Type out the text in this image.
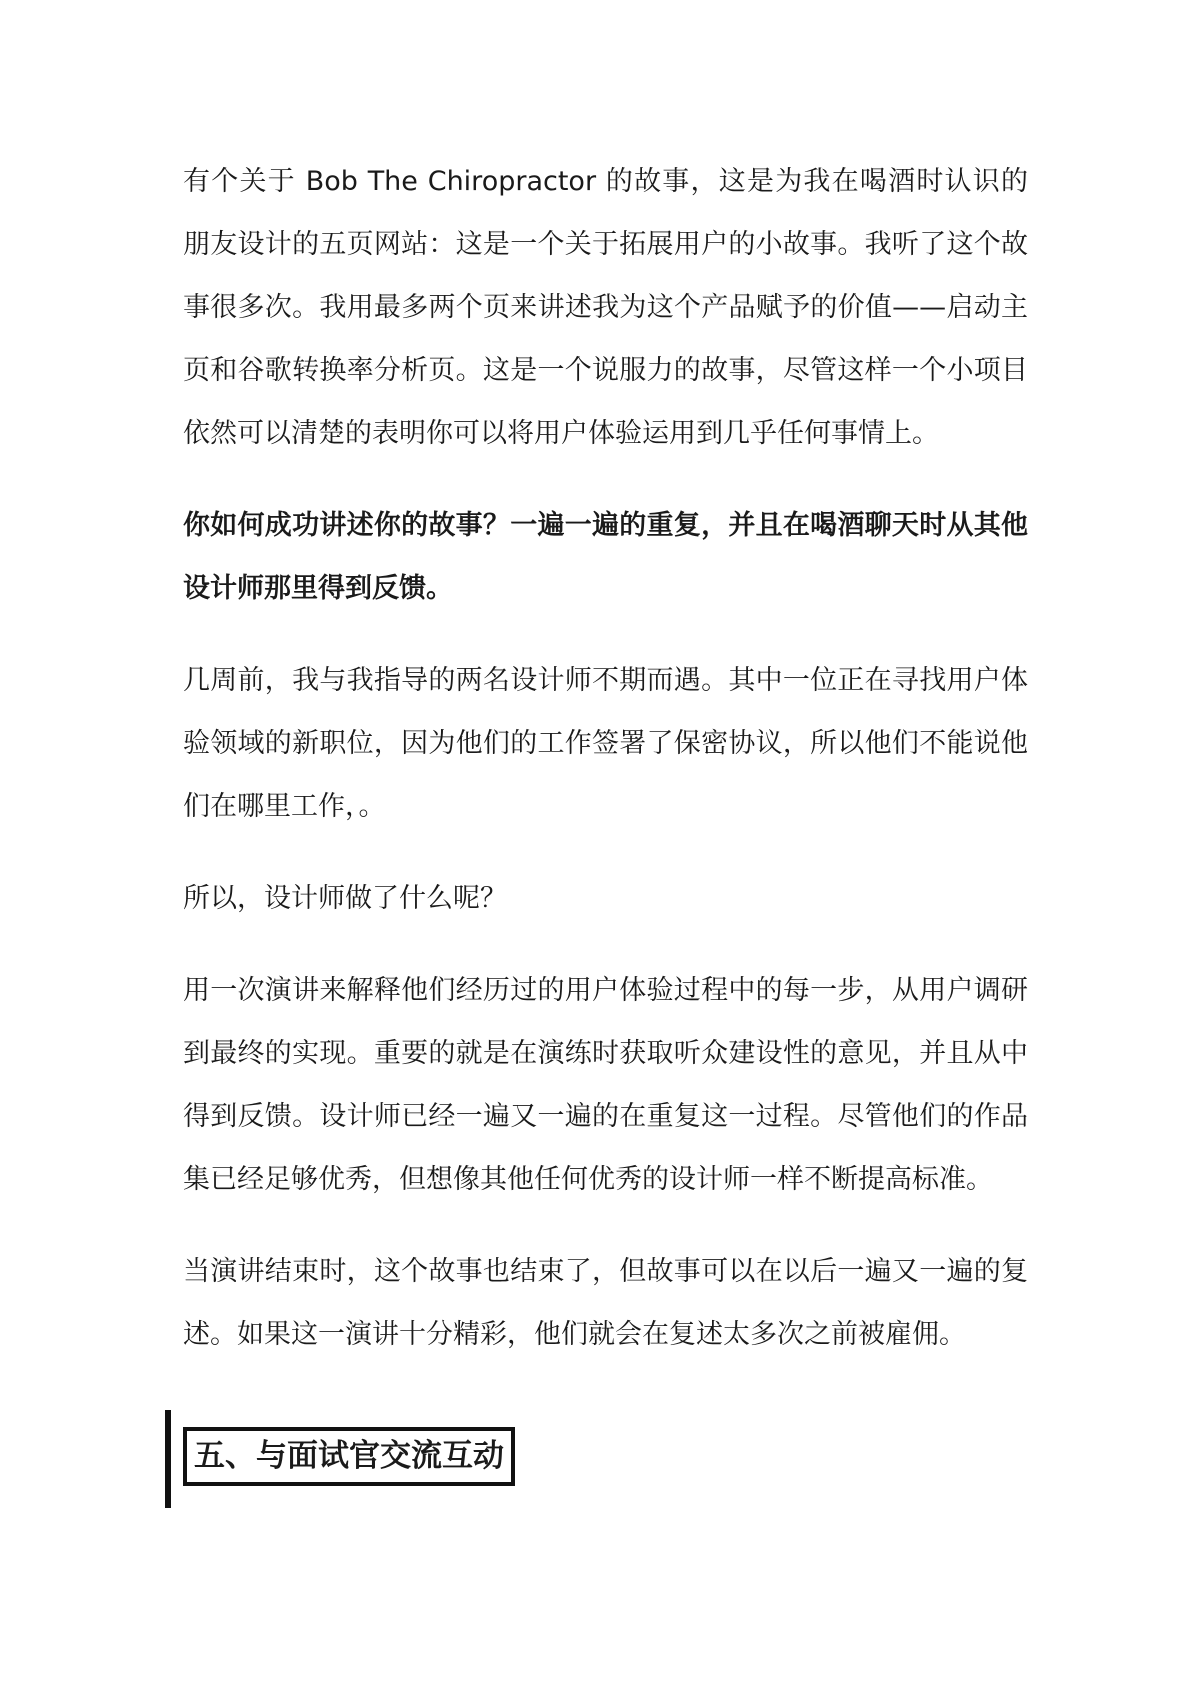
有个关于 Bob The Chiropractor 的故事，这是为我在喝酒时认识的朋友设计的五页网站：这是一个关于拓展用户的小故事。我听了这个故事很多次。我用最多两个页来讲述我为这个产品赋予的价值——启动主页和谷歌转换率分析页。这是一个说服力的故事，尽管这样一个小项目依然可以清楚的表明你可以将用户体验运用到几乎任何事情上。

你如何成功讲述你的故事？一遍一遍的重复，并且在喝酒聊天时从其他设计师那里得到反馈。

几周前，我与我指导的两名设计师不期而遇。其中一位正在寻找用户体验领域的新职位，因为他们的工作签署了保密协议，所以他们不能说他们在哪里工作，。

所以，设计师做了什么呢？

用一次演讲来解释他们经历过的用户体验过程中的每一步，从用户调研到最终的实现。重要的就是在演练时获取听众建设性的意见，并且从中得到反馈。设计师已经一遍又一遍的在重复这一过程。尽管他们的作品集已经足够优秀，但想像其他任何优秀的设计师一样不断提高标准。

当演讲结束时，这个故事也结束了，但故事可以在以后一遍又一遍的复述。如果这一演讲十分精彩，他们就会在复述太多次之前被雇佣。

五、与面试官交流互动
